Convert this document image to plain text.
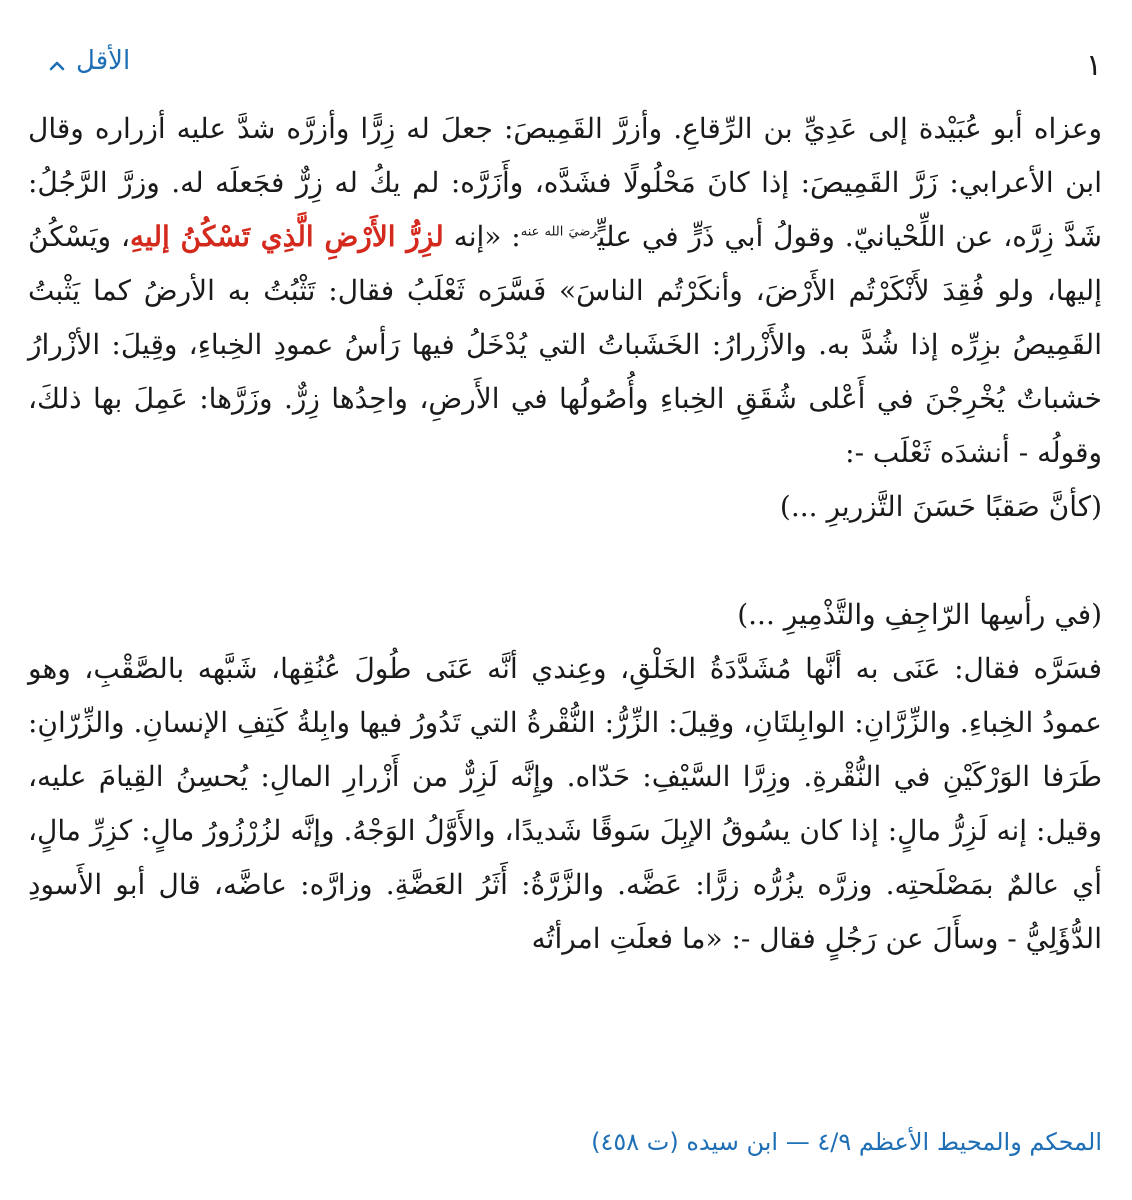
١
الأقل

وعزاه أبو عُبَيْدة إلى عَدِيِّ بن الرِّقاعِ. وأزرَّ القَمِيصَ: جعلَ له زِرًّا وأزرَّه شدَّ عليه أزراره وقال ابن الأعرابي: زَرَّ القَمِيصَ: إذا كانَ مَحْلُولًا فشَدَّه، وأَزَرَّه: لم يكُ له زِرٌّ فجَعلَه له. وزرَّ الرَّجُلُ: شَدَّ زِرَّه، عن اللِّحْيانيّ. وقولُ أبي ذَرٍّ في عليٍّ$^{رضيَ الله عنه}$: «إنه لزِرُّ الأَرْضِ الَّذِي تَسْكُنُ إليهِ، ويَسْكُنُ إليها، ولو فُقِدَ لأَنْكَرْتُم الأَرْضَ، وأنكَرْتُم الناسَ» فَسَّرَه ثَعْلَبُ فقال: تَثْبُتُ به الأرضُ كما يَثْبتُ القَمِيصُ بزِرِّه إذا شُدَّ به. والأَزْرارُ: الخَشَباتُ التي يُدْخَلُ فيها رَأسُ عمودِ الخِباءِ، وقِيلَ: الأزْرارُ خشباتٌ يُخْرِجْنَ في أَعْلى شُقَقِ الخِباءِ وأُصُولُها في الأَرضِ، واحِدُها زِرٌّ. وزَرَّها: عَمِلَ بها ذلكَ، وقولُه - أنشدَه ثَعْلَب -:

(كأنَّ صَقبًا حَسَنَ التَّزريرِ ...)
(في رأسِها الرّاجِفِ والتَّذْمِيرِ ...)

فسَرَّه فقال: عَنَى به أنَّها مُشَدَّدَةُ الخَلْقِ، وعِندي أنَّه عَنَى طُولَ عُنُقِها، شَبَّهه بالصَّقْبِ، وهو عمودُ الخِباءِ. والزِّرَّانِ: الوابِلتَانِ، وقِيلَ: الزِّرُّ: النُّقْرةُ التي تَدُورُ فيها وابِلةُ كَتِفِ الإنسانِ. والزِّرّانِ: طَرَفا الوَرْكَيْنِ في النُّقْرةِ. وزِرَّا السَّيْفِ: حَدّاه. وإِنَّه لَزِرٌّ من أَزْرارِ المالِ: يُحسِنُ القِيامَ عليه، وقيل: إنه لَزِرُّ مالٍ: إذا كان يسُوقُ الإبِلَ سَوقًا شَديدًا، والأَوَّلُ الوَجْهُ. وإنَّه لزُرْزُورُ مالٍ: كزِرِّ مالٍ، أي عالمٌ بمَصْلَحتِه. وزرَّه يزُرُّه زرًّا: عَضَّه. والزَّرَّةُ: أَثَرُ العَضَّةِ. وزارَّه: عاضَّه، قال أبو الأَسودِ الدُّؤَلِيُّ - وسأَلَ عن رَجُلٍ فقال -: «ما فعلَتِ امرأتُه

المحكم والمحيط الأعظم ٤/٩ — ابن سيده (ت ٤٥٨)
